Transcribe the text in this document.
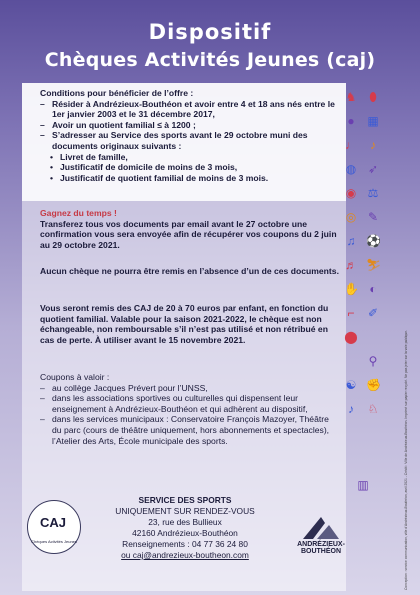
Dispositif
Chèques Activités Jeunes (caj)
Conditions pour bénéficier de l’offre :
– Résider à Andrézieux-Bouthéon et avoir entre 4 et 18 ans nés entre le 1er janvier 2003 et le 31 décembre 2017,
– Avoir un quotient familial ≤ à 1200 ;
– S’adresser au Service des sports avant le 29 octobre muni des documents originaux suivants :
• Livret de famille,
• Justificatif de domicile de moins de 3 mois,
• Justificatif de quotient familial de moins de 3 mois.
Gagnez du temps !
Transferez tous vos documents par email avant le 27 octobre une confirmation vous sera envoyée afin de récupérer vos coupons du 2 juin au 29 octobre 2021.
Aucun chèque ne pourra être remis en l’absence d’un de ces documents.
Vous seront remis des CAJ de 20 à 70 euros par enfant, en fonction du quotient familial. Valable pour la saison 2021-2022, le chèque est non échangeable, non remboursable s’il n’est pas utilisé et non rétribué en cas de perte. À utiliser avant le 15 novembre 2021.
Coupons à valoir :
– au collège Jacques Prévert pour l’UNSS,
– dans les associations sportives ou culturelles qui dispensent leur enseignement à Andrézieux-Bouthéon et qui adhèrent au dispositif,
– dans les services municipaux : Conservatoire François Mazoyer, Théâtre du parc (cours de théâtre uniquement, hors abonnements et spectacles), l’Atelier des Arts, École municipale des sports.
CAJ
Chèques Activités Jeunes
SERVICE DES SPORTS
UNIQUEMENT SUR RENDEZ-VOUS
23, rue des Bullieux
42160 Andrézieux-Bouthéon
Renseignements : 04 77 36 24 80
ou caj@andrezieux-boutheon.com
ANDRÉZIEUX-BOUTHÉON
♞ ⬮
● ▦
♩	♪
◍ ➶
◉ ⚖
◎ ✎
♫ ⚽
♬ ⛷
✋ ◐
⌐ ✐
⬤
⚲
☯ ✊
♪	♘
▥	Conception : service communication, ville d’Andrézieux-Bouthéon, avril 2021 - Crédit : Ville de Andrézieux-Bouthéon. Imprimé sur papier recyclé. Ne pas jeter sur la voie publique.
